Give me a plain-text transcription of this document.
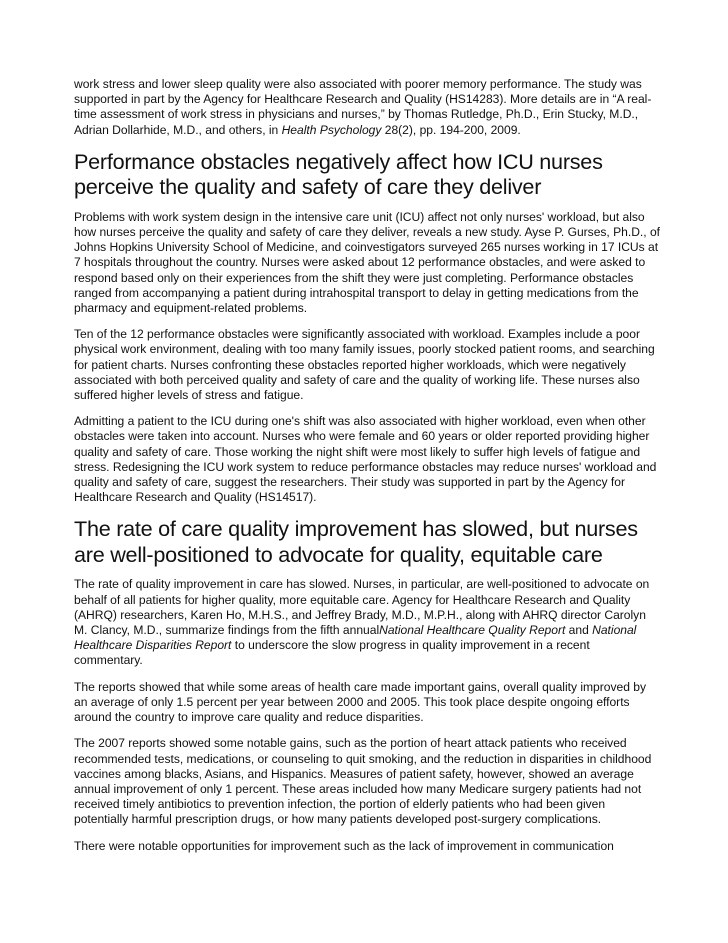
work stress and lower sleep quality were also associated with poorer memory performance. The study was supported in part by the Agency for Healthcare Research and Quality (HS14283). More details are in “A real-time assessment of work stress in physicians and nurses,” by Thomas Rutledge, Ph.D., Erin Stucky, M.D., Adrian Dollarhide, M.D., and others, in Health Psychology 28(2), pp. 194-200, 2009.

Performance obstacles negatively affect how ICU nurses perceive the quality and safety of care they deliver

Problems with work system design in the intensive care unit (ICU) affect not only nurses' workload, but also how nurses perceive the quality and safety of care they deliver, reveals a new study. Ayse P. Gurses, Ph.D., of Johns Hopkins University School of Medicine, and coinvestigators surveyed 265 nurses working in 17 ICUs at 7 hospitals throughout the country. Nurses were asked about 12 performance obstacles, and were asked to respond based only on their experiences from the shift they were just completing. Performance obstacles ranged from accompanying a patient during intrahospital transport to delay in getting medications from the pharmacy and equipment-related problems.

Ten of the 12 performance obstacles were significantly associated with workload. Examples include a poor physical work environment, dealing with too many family issues, poorly stocked patient rooms, and searching for patient charts. Nurses confronting these obstacles reported higher workloads, which were negatively associated with both perceived quality and safety of care and the quality of working life. These nurses also suffered higher levels of stress and fatigue.

Admitting a patient to the ICU during one's shift was also associated with higher workload, even when other obstacles were taken into account. Nurses who were female and 60 years or older reported providing higher quality and safety of care. Those working the night shift were most likely to suffer high levels of fatigue and stress. Redesigning the ICU work system to reduce performance obstacles may reduce nurses' workload and quality and safety of care, suggest the researchers. Their study was supported in part by the Agency for Healthcare Research and Quality (HS14517).

The rate of care quality improvement has slowed, but nurses are well-positioned to advocate for quality, equitable care

The rate of quality improvement in care has slowed. Nurses, in particular, are well-positioned to advocate on behalf of all patients for higher quality, more equitable care. Agency for Healthcare Research and Quality (AHRQ) researchers, Karen Ho, M.H.S., and Jeffrey Brady, M.D., M.P.H., along with AHRQ director Carolyn M. Clancy, M.D., summarize findings from the fifth annualNational Healthcare Quality Report and National Healthcare Disparities Report to underscore the slow progress in quality improvement in a recent commentary.

The reports showed that while some areas of health care made important gains, overall quality improved by an average of only 1.5 percent per year between 2000 and 2005. This took place despite ongoing efforts around the country to improve care quality and reduce disparities.

The 2007 reports showed some notable gains, such as the portion of heart attack patients who received recommended tests, medications, or counseling to quit smoking, and the reduction in disparities in childhood vaccines among blacks, Asians, and Hispanics. Measures of patient safety, however, showed an average annual improvement of only 1 percent. These areas included how many Medicare surgery patients had not received timely antibiotics to prevention infection, the portion of elderly patients who had been given potentially harmful prescription drugs, or how many patients developed post-surgery complications.

There were notable opportunities for improvement such as the lack of improvement in communication
